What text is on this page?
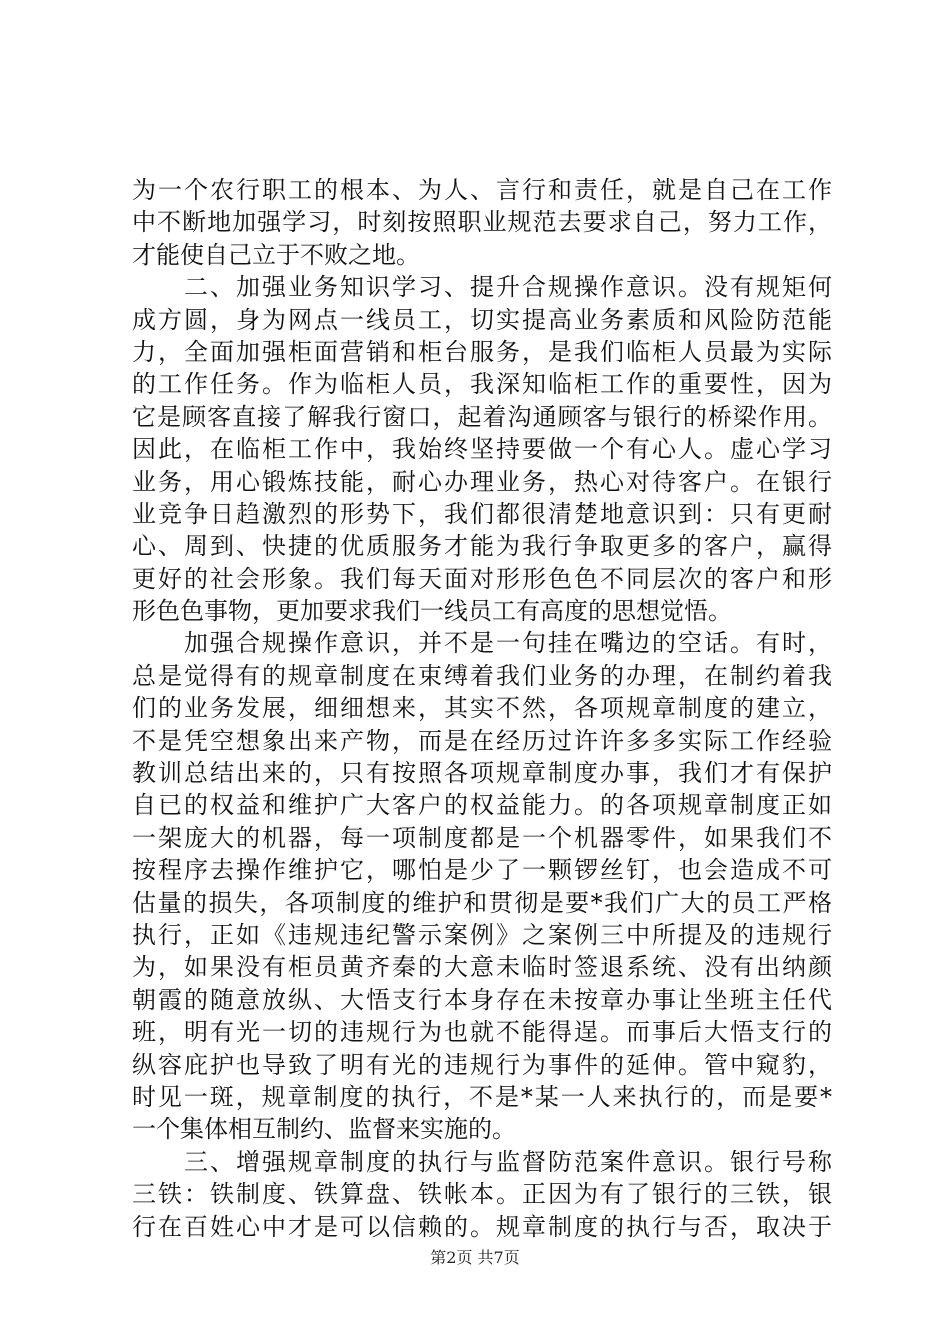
为一个农行职工的根本、为人、言行和责任，就是自己在工作
中不断地加强学习，时刻按照职业规范去要求自己，努力工作，
才能使自己立于不败之地。
　　二、加强业务知识学习、提升合规操作意识。没有规矩何
成方圆，身为网点一线员工，切实提高业务素质和风险防范能
力，全面加强柜面营销和柜台服务，是我们临柜人员最为实际
的工作任务。作为临柜人员，我深知临柜工作的重要性，因为
它是顾客直接了解我行窗口，起着沟通顾客与银行的桥梁作用。
因此，在临柜工作中，我始终坚持要做一个有心人。虚心学习
业务，用心锻炼技能，耐心办理业务，热心对待客户。在银行
业竞争日趋激烈的形势下，我们都很清楚地意识到：只有更耐
心、周到、快捷的优质服务才能为我行争取更多的客户，赢得
更好的社会形象。我们每天面对形形色色不同层次的客户和形
形色色事物，更加要求我们一线员工有高度的思想觉悟。
　　加强合规操作意识，并不是一句挂在嘴边的空话。有时，
总是觉得有的规章制度在束缚着我们业务的办理，在制约着我
们的业务发展，细细想来，其实不然，各项规章制度的建立，
不是凭空想象出来产物，而是在经历过许许多多实际工作经验
教训总结出来的，只有按照各项规章制度办事，我们才有保护
自已的权益和维护广大客户的权益能力。的各项规章制度正如
一架庞大的机器，每一项制度都是一个机器零件，如果我们不
按程序去操作维护它，哪怕是少了一颗锣丝钉，也会造成不可
估量的损失，各项制度的维护和贯彻是要*我们广大的员工严格
执行，正如《违规违纪警示案例》之案例三中所提及的违规行
为，如果没有柜员黄齐秦的大意未临时签退系统、没有出纳颜
朝霞的随意放纵、大悟支行本身存在未按章办事让坐班主任代
班，明有光一切的违规行为也就不能得逞。而事后大悟支行的
纵容庇护也导致了明有光的违规行为事件的延伸。管中窥豹，
时见一斑，规章制度的执行，不是*某一人来执行的，而是要*
一个集体相互制约、监督来实施的。
　　三、增强规章制度的执行与监督防范案件意识。银行号称
三铁：铁制度、铁算盘、铁帐本。正因为有了银行的三铁，银
行在百姓心中才是可以信赖的。规章制度的执行与否，取决于
第2页 共7页
